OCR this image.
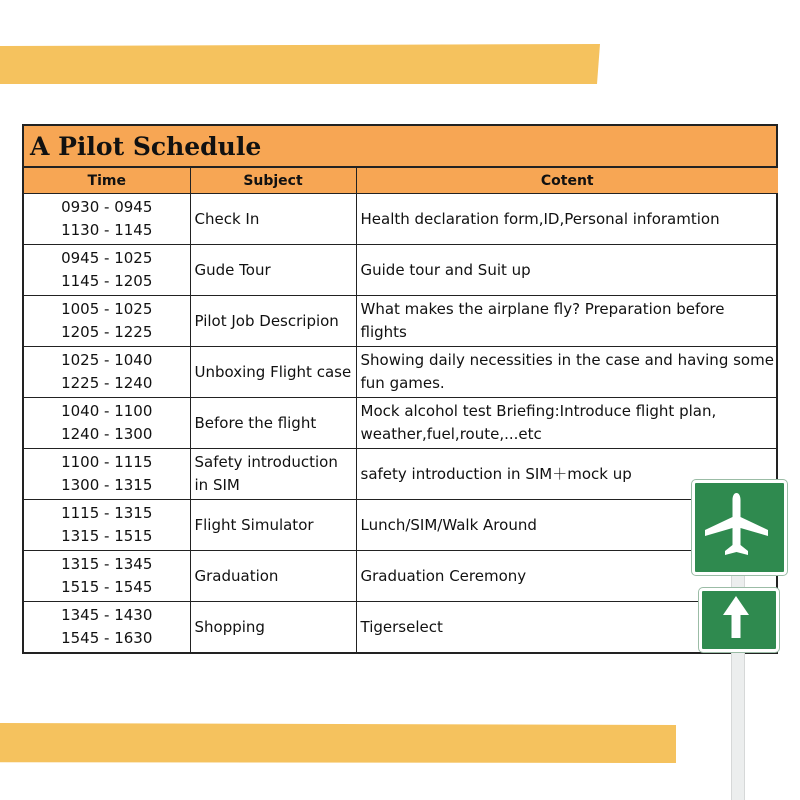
A Pilot Schedule
Time	Subject	Cotent

0930 - 0945
1130 - 1145	Check In	Health declaration form,ID,Personal inforamtion

0945 - 1025
1145 - 1205	Gude Tour	Guide tour and Suit up

1005 - 1025
1205 - 1225	Pilot Job Descripion	What makes the airplane fly? Preparation before flights

1025 - 1040
1225 - 1240	Unboxing Flight case	Showing daily necessities in the case and having some fun games.

1040 - 1100
1240 - 1300	Before the flight	Mock alcohol test Briefing:Introduce flight plan, weather,fuel,route,...etc

1100 - 1115
1300 - 1315	Safety introduction in SIM	safety introduction in SIM＋mock up

1115 - 1315
1315 - 1515	Flight Simulator	Lunch/SIM/Walk Around

1315 - 1345
1515 - 1545	Graduation	Graduation Ceremony

1345 - 1430
1545 - 1630	Shopping	Tigerselect
